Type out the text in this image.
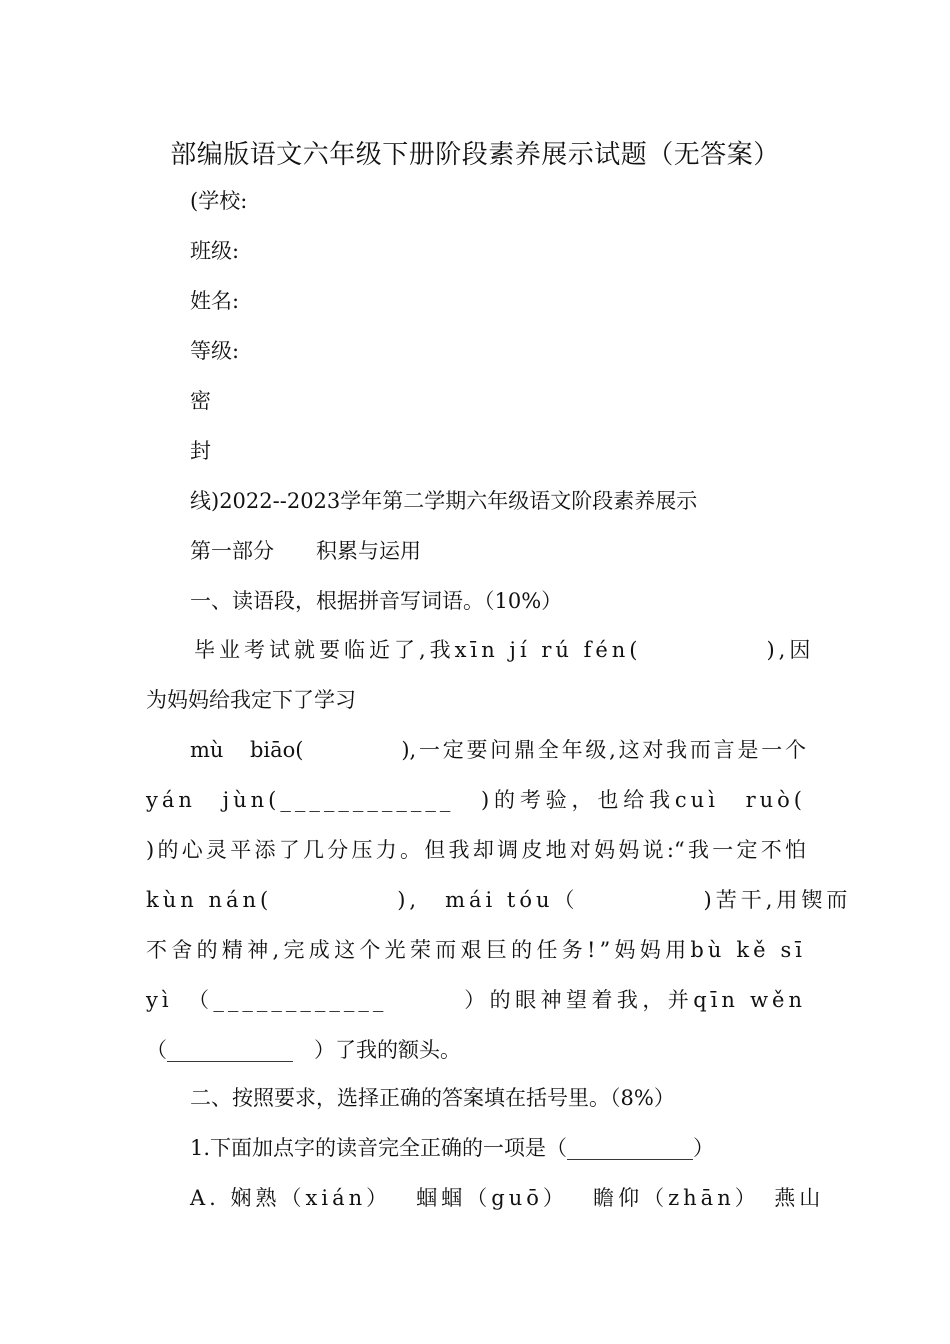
部编版语文六年级下册阶段素养展示试题（无答案）
(学校:
班级:
姓名:
等级:
密
封
线)2022--2023学年第二学期六年级语文阶段素养展示
第一部分　　积累与运用
一、读语段，根据拼音写词语。（10%）
毕业考试就要临近了,我xīn jí rú fén(　　　　　),因
为妈妈给我定下了学习
mù　biāo(　　　　),一定要问鼎全年级,这对我而言是一个
yán　jùn(____________　)的考验，也给我cuì　ruò(
)的心灵平添了几分压力。但我却调皮地对妈妈说:“我一定不怕
kùn nán(　　　　　),　mái tóu（　　　　　)苦干,用锲而
不舍的精神,完成这个光荣而艰巨的任务!”妈妈用bù kě sī
yì　（____________　　　）的眼神望着我，并qīn wěn
（____________　）了我的额头。
二、按照要求，选择正确的答案填在括号里。（8%）
1.下面加点字的读音完全正确的一项是（____________）
A. 娴熟（xián）　 蝈蝈（guō）　 瞻仰（zhān）　燕山
